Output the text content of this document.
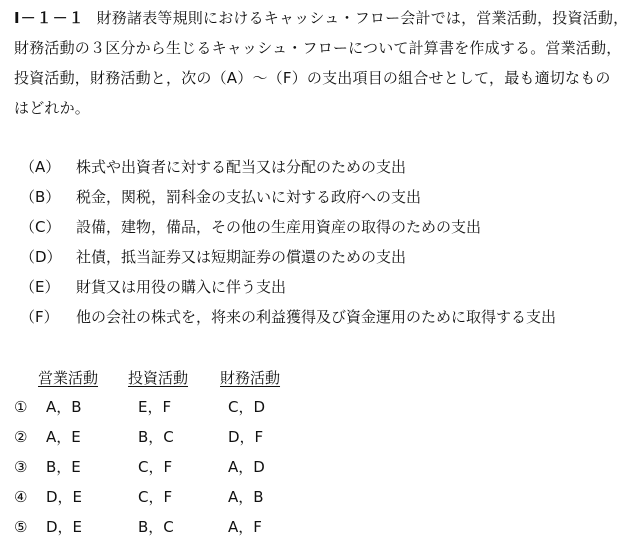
Ⅰ－１－１ 財務諸表等規則におけるキャッシュ・フロー会計では，営業活動，投資活動，
財務活動の３区分から生じるキャッシュ・フローについて計算書を作成する。営業活動，
投資活動，財務活動と，次の（A）～（F）の支出項目の組合せとして，最も適切なもの
はどれか。
（A） 株式や出資者に対する配当又は分配のための支出
（B） 税金，関税，罰科金の支払いに対する政府への支出
（C） 設備，建物，備品，その他の生産用資産の取得のための支出
（D） 社債，抵当証券又は短期証券の償還のための支出
（E） 財貨又は用役の購入に伴う支出
（F） 他の会社の株式を，将来の利益獲得及び資金運用のために取得する支出
営業活動 投資活動 財務活動
① A，B	E，F	C，D
② A，E	B，C	D，F
③ B，E	C，F	A，D
④ D，E	C，F	A，B
⑤ D，E	B，C	A，F
